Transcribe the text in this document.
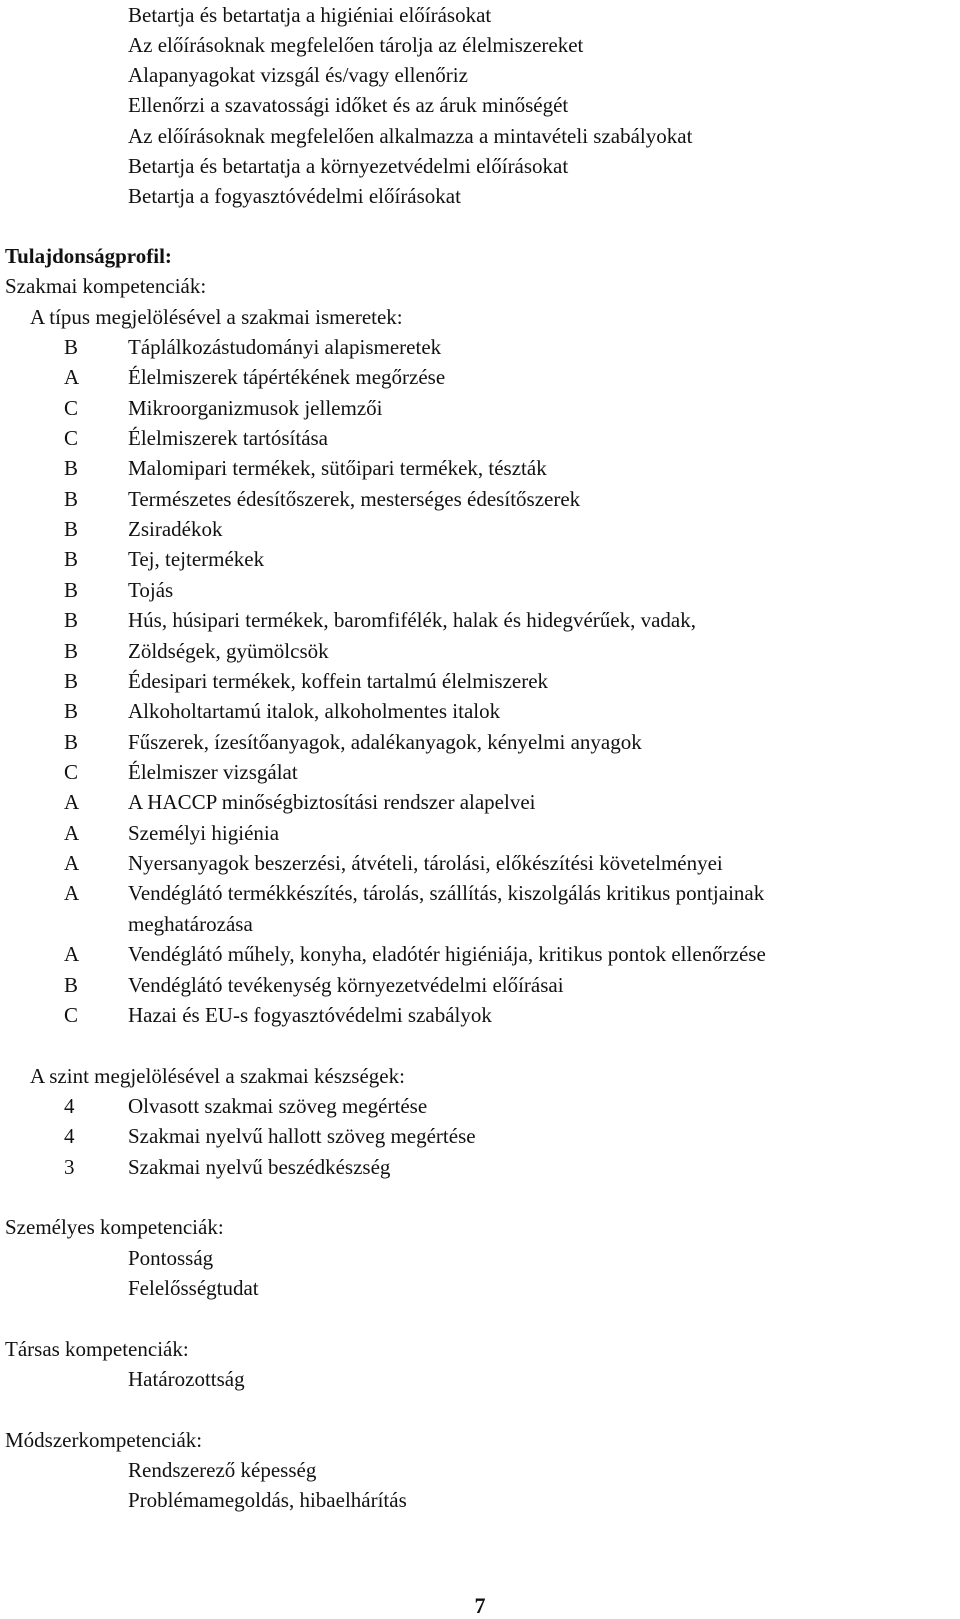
Betartja és betartatja a higiéniai előírásokat
Az előírásoknak megfelelően tárolja az élelmiszereket
Alapanyagokat vizsgál és/vagy ellenőriz
Ellenőrzi a szavatossági időket és az áruk minőségét
Az előírásoknak megfelelően alkalmazza a mintavételi szabályokat
Betartja és betartatja a környezetvédelmi előírásokat
Betartja a fogyasztóvédelmi előírásokat
Tulajdonságprofil:
Szakmai kompetenciák:
A típus megjelölésével a szakmai ismeretek:
B Táplálkozástudományi alapismeretek
A Élelmiszerek tápértékének megőrzése
C Mikroorganizmusok jellemzői
C Élelmiszerek tartósítása
B Malomipari termékek, sütőipari termékek, tészták
B Természetes édesítőszerek, mesterséges édesítőszerek
B Zsiradékok
B Tej, tejtermékek
B Tojás
B Hús, húsipari termékek, baromfifélék, halak és hidegvérűek, vadak,
B Zöldségek, gyümölcsök
B Édesipari termékek, koffein tartalmú élelmiszerek
B Alkoholtartamú italok, alkoholmentes italok
B Fűszerek, ízesítőanyagok, adalékanyagok, kényelmi anyagok
C Élelmiszer vizsgálat
A A HACCP minőségbiztosítási rendszer alapelvei
A Személyi higiénia
A Nyersanyagok beszerzési, átvételi, tárolási, előkészítési követelményei
A Vendéglátó termékkészítés, tárolás, szállítás, kiszolgálás kritikus pontjainak
meghatározása
A Vendéglátó műhely, konyha, eladótér higiéniája, kritikus pontok ellenőrzése
B Vendéglátó tevékenység környezetvédelmi előírásai
C Hazai és EU-s fogyasztóvédelmi szabályok
A szint megjelölésével a szakmai készségek:
4	Olvasott szakmai szöveg megértése
4	Szakmai nyelvű hallott szöveg megértése
3	Szakmai nyelvű beszédkészség
Személyes kompetenciák:
Pontosság
Felelősségtudat
Társas kompetenciák:
Határozottság
Módszerkompetenciák:
Rendszerező képesség
Problémamegoldás, hibaelhárítás
7
